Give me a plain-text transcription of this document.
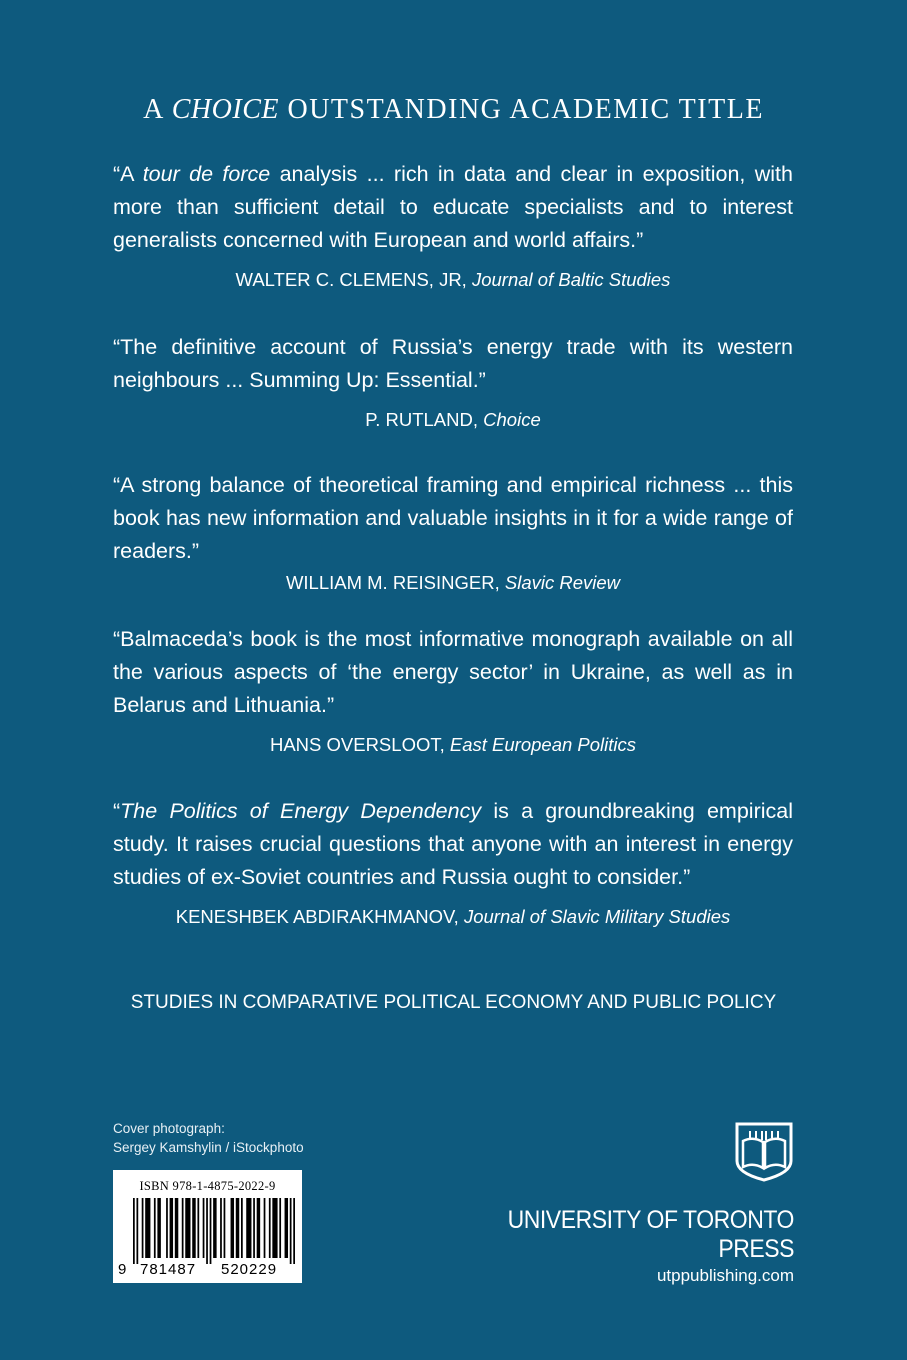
A CHOICE OUTSTANDING ACADEMIC TITLE

“A tour de force analysis ... rich in data and clear in exposition, with more than sufficient detail to educate specialists and to interest generalists concerned with European and world affairs.”

WALTER C. CLEMENS, JR, Journal of Baltic Studies

“The definitive account of Russia’s energy trade with its western neighbours ... Summing Up: Essential.”

P. RUTLAND, Choice

“A strong balance of theoretical framing and empirical richness ... this book has new information and valuable insights in it for a wide range of readers.”

WILLIAM M. REISINGER, Slavic Review

“Balmaceda’s book is the most informative monograph available on all the various aspects of ‘the energy sector’ in Ukraine, as well as in Belarus and Lithuania.”

HANS OVERSLOOT, East European Politics

“The Politics of Energy Dependency is a groundbreaking empirical study. It raises crucial questions that anyone with an interest in energy studies of ex-Soviet countries and Russia ought to consider.”

KENESHBEK ABDIRAKHMANOV, Journal of Slavic Military Studies
STUDIES IN COMPARATIVE POLITICAL ECONOMY AND PUBLIC POLICY
Cover photograph:
Sergey Kamshylin / iStockphoto
ISBN 978-1-4875-2022-9
9 781487 520229
UNIVERSITY OF TORONTO PRESS
utppublishing.com
